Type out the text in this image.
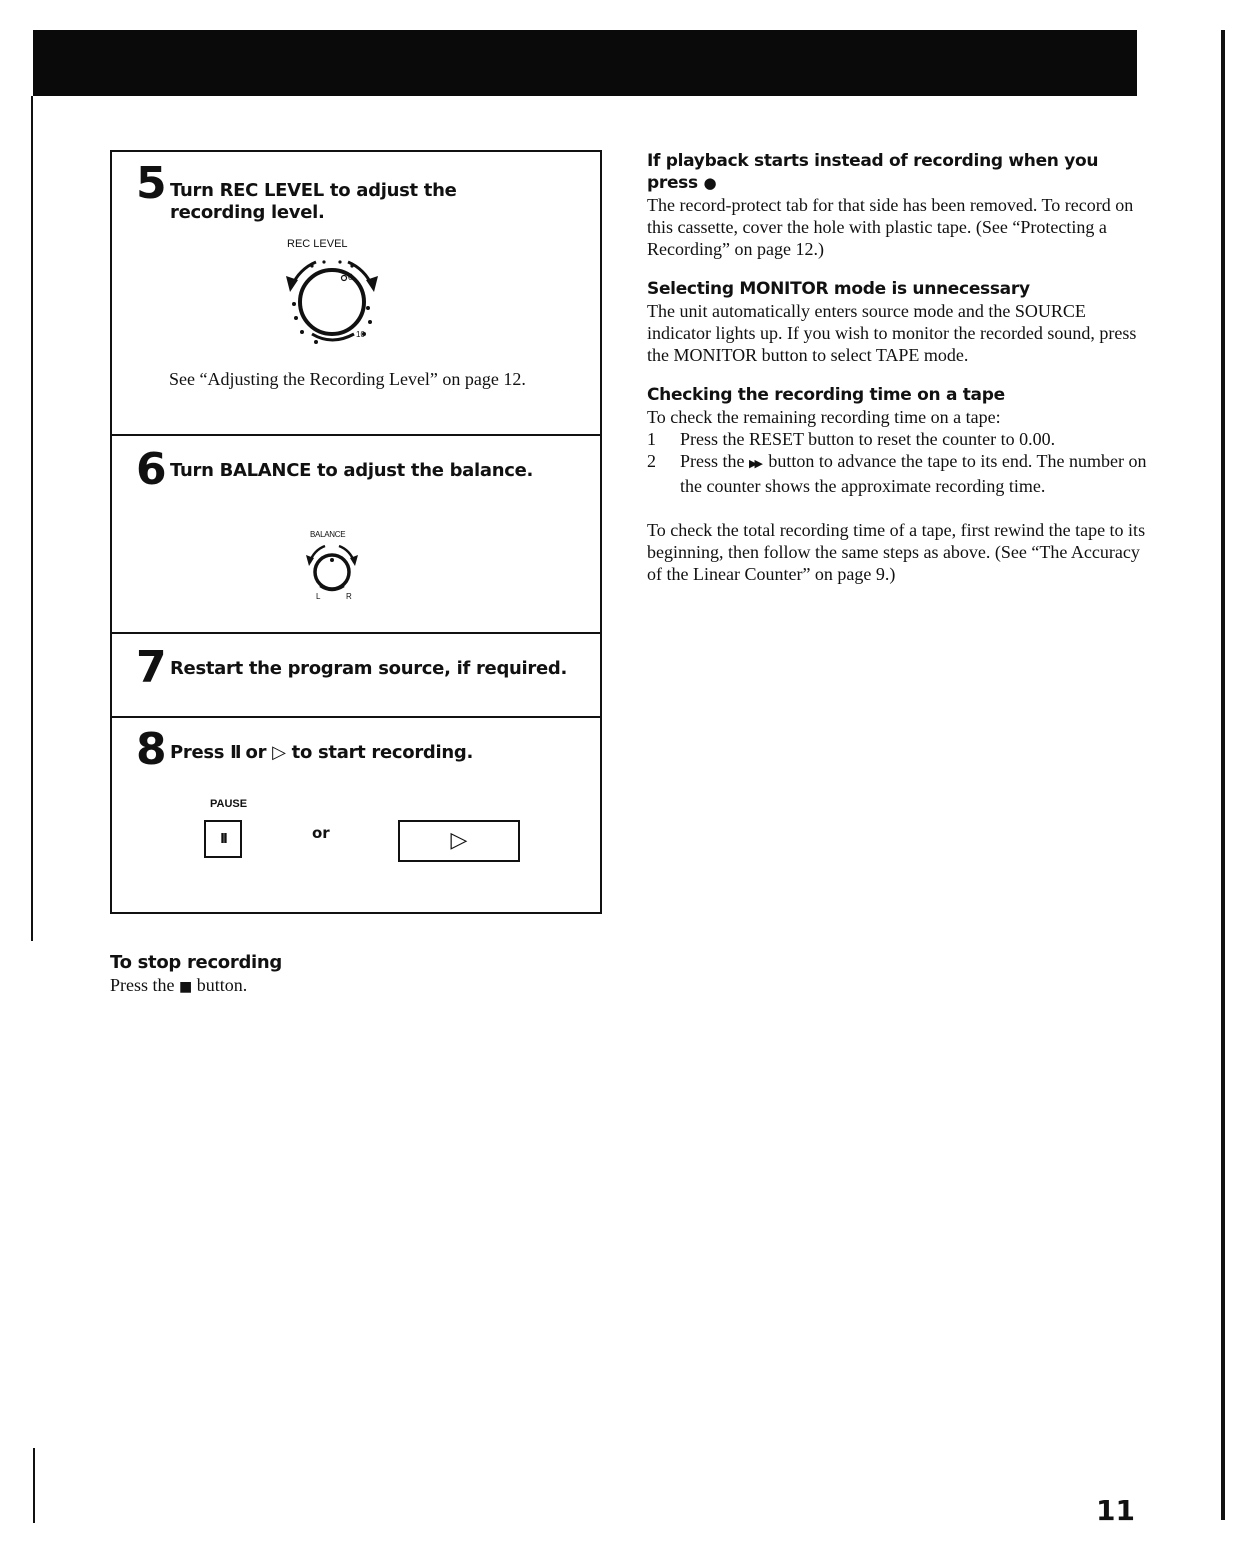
5 Turn REC LEVEL to adjust the recording level.
REC LEVEL
0
10
See “Adjusting the Recording Level” on page 12.
6 Turn BALANCE to adjust the balance.
BALANCE
L	R
7 Restart the program source, if required.
8 Press II or ▷ to start recording.
PAUSE
II	or	▷

To stop recording

Press the ■ button.

If playback starts instead of recording when you press ●

The record-protect tab for that side has been removed. To record on this cassette, cover the hole with plastic tape. (See “Protecting a Recording” on page 12.)

Selecting MONITOR mode is unnecessary

The unit automatically enters source mode and the SOURCE indicator lights up. If you wish to monitor the recorded sound, press the MONITOR button to select TAPE mode.

Checking the recording time on a tape

To check the remaining recording time on a tape:

1	Press the RESET button to reset the counter to 0.00.
2	Press the ▶▶ button to advance the tape to its end. The number on the counter shows the approximate recording time.

To check the total recording time of a tape, first rewind the tape to its beginning, then follow the same steps as above. (See “The Accuracy of the Linear Counter” on page 9.)

11
